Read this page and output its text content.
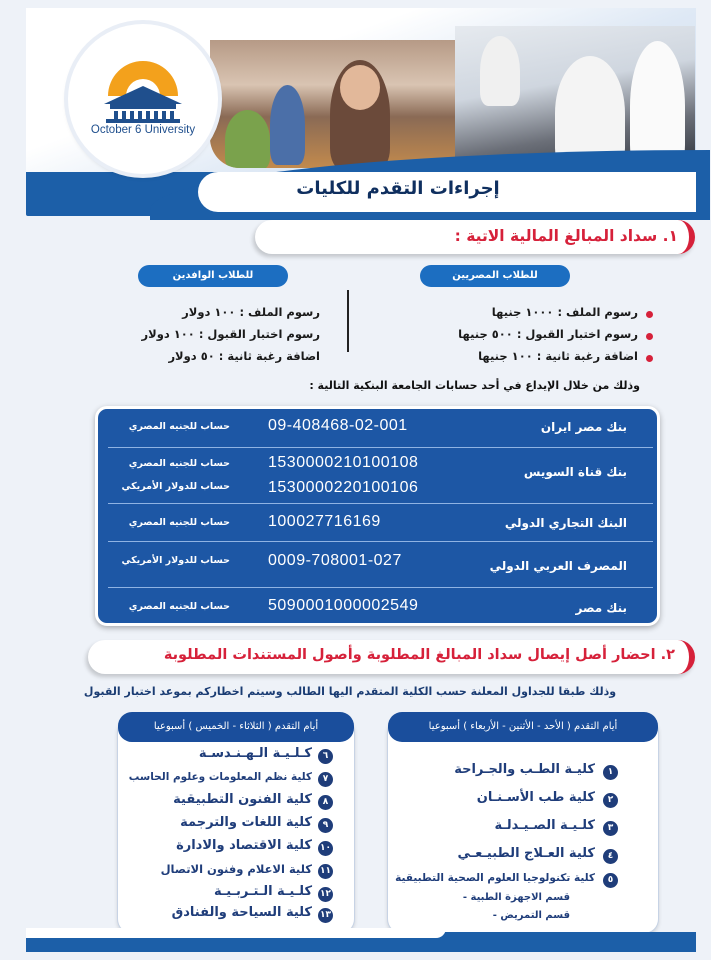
October 6 University
إجراءات التقدم للكليات
١. سداد المبالغ المالية الاتية :
للطلاب المصريين
للطلاب الوافدين
رسوم الملف : ١٠٠٠ جنيها
رسوم اختبار القبول : ٥٠٠ جنيها
اضافة رغبة ثانية : ١٠٠ جنيها
رسوم الملف : ١٠٠ دولار
رسوم اختبار القبول : ١٠٠ دولار
اضافة رغبة ثانية : ٥٠ دولار
وذلك من خلال الإيداع في أحد حسابات الجامعة البنكية التالية :
بنك مصر ايران
09-408468-02-001
حساب للجنيه المصري
بنك قناة السويس
1530000210100108
حساب للجنيه المصري
1530000220100106
حساب للدولار الأمريكي
البنك التجاري الدولي
100027716169
حساب للجنيه المصري
المصرف العربي الدولي
0009-708001-027
حساب للدولار الأمريكي
بنك مصر
5090001000002549
حساب للجنيه المصري
٢. احضار أصل إيصال سداد المبالغ المطلوبة وأصول المستندات المطلوبة
وذلك طبقا للجداول المعلنة حسب الكلية المتقدم اليها الطالب وسيتم اخطاركم بموعد اختبار القبول
أيام التقدم ( الأحد - الأثنين - الأربعاء ) أسبوعيا
١
كليـة الطـب والجـراحة
٢
كلية طب الأسـنـان
٣
كلـيـة الصـيـدلـة
٤
كلية العـلاج الطبيـعـي
٥
كلية تكنولوجيا العلوم الصحية التطبيقية
قسم الاجهزة الطبية -
قسم التمريض -
أيام التقدم ( الثلاثاء - الخميس ) أسبوعيا
٦
كـلـيـة الـهـنـدسـة
٧
كلية نظم المعلومات وعلوم الحاسب
٨
كلية الفنون التطبيقية
٩
كلية اللغات والترجمة
١٠
كلية الاقتصاد والادارة
١١
كلية الاعلام وفنون الاتصال
١٢
كلـيـة الـتـربـيـة
١٣
كلية السياحة والفنادق
